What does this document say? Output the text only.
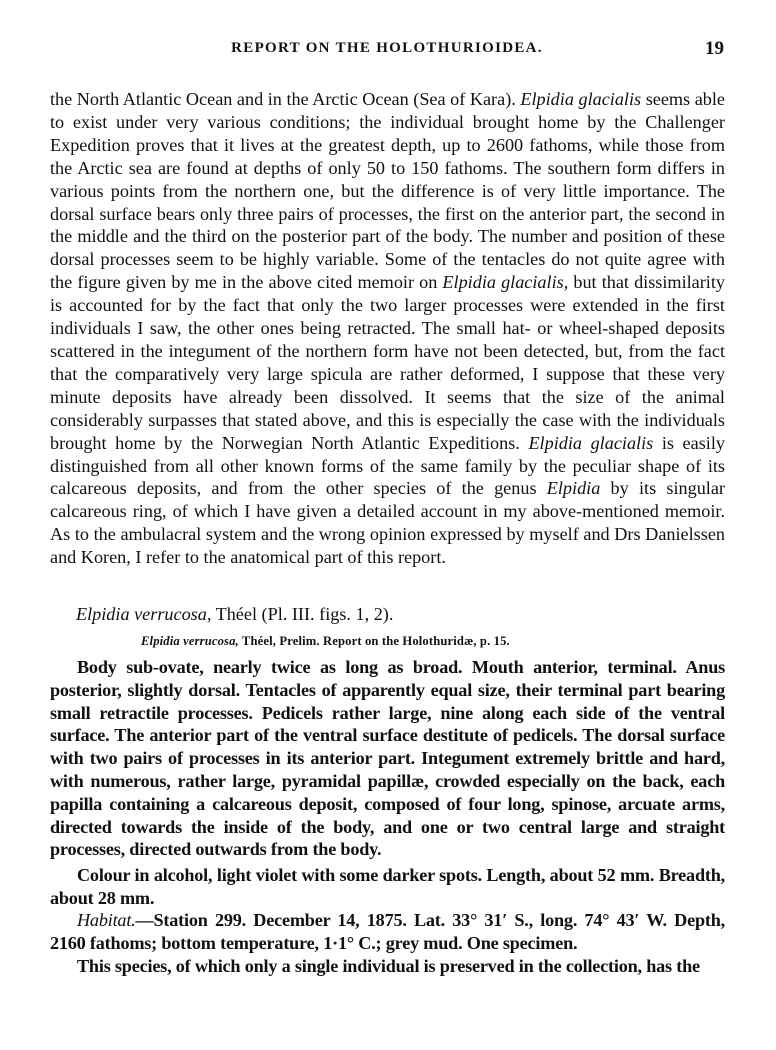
REPORT ON THE HOLOTHURIOIDEA.	19

the North Atlantic Ocean and in the Arctic Ocean (Sea of Kara). Elpidia glacialis seems able to exist under very various conditions; the individual brought home by the Challenger Expedition proves that it lives at the greatest depth, up to 2600 fathoms, while those from the Arctic sea are found at depths of only 50 to 150 fathoms. The southern form differs in various points from the northern one, but the difference is of very little importance. The dorsal surface bears only three pairs of processes, the first on the anterior part, the second in the middle and the third on the posterior part of the body. The number and position of these dorsal processes seem to be highly variable. Some of the tentacles do not quite agree with the figure given by me in the above cited memoir on Elpidia glacialis, but that dissimilarity is accounted for by the fact that only the two larger processes were extended in the first individuals I saw, the other ones being retracted. The small hat- or wheel-shaped deposits scattered in the integument of the northern form have not been detected, but, from the fact that the comparatively very large spicula are rather deformed, I suppose that these very minute deposits have already been dissolved. It seems that the size of the animal considerably surpasses that stated above, and this is especially the case with the individuals brought home by the Norwegian North Atlantic Expeditions. Elpidia glacialis is easily distinguished from all other known forms of the same family by the peculiar shape of its calcareous deposits, and from the other species of the genus Elpidia by its singular calcareous ring, of which I have given a detailed account in my above-mentioned memoir. As to the ambulacral system and the wrong opinion expressed by myself and Drs Danielssen and Koren, I refer to the anatomical part of this report.

Elpidia verrucosa, Théel (Pl. III. figs. 1, 2).
Elpidia verrucosa, Théel, Prelim. Report on the Holothuridæ, p. 15.
Body sub-ovate, nearly twice as long as broad. Mouth anterior, terminal. Anus posterior, slightly dorsal. Tentacles of apparently equal size, their terminal part bearing small retractile processes. Pedicels rather large, nine along each side of the ventral surface. The anterior part of the ventral surface destitute of pedicels. The dorsal surface with two pairs of processes in its anterior part. Integument extremely brittle and hard, with numerous, rather large, pyramidal papillæ, crowded especially on the back, each papilla containing a calcareous deposit, composed of four long, spinose, arcuate arms, directed towards the inside of the body, and one or two central large and straight processes, directed outwards from the body.
Colour in alcohol, light violet with some darker spots. Length, about 52 mm. Breadth, about 28 mm.
Habitat.—Station 299. December 14, 1875. Lat. 33° 31′ S., long. 74° 43′ W. Depth, 2160 fathoms; bottom temperature, 1·1° C.; grey mud. One specimen.
This species, of which only a single individual is preserved in the collection, has the
